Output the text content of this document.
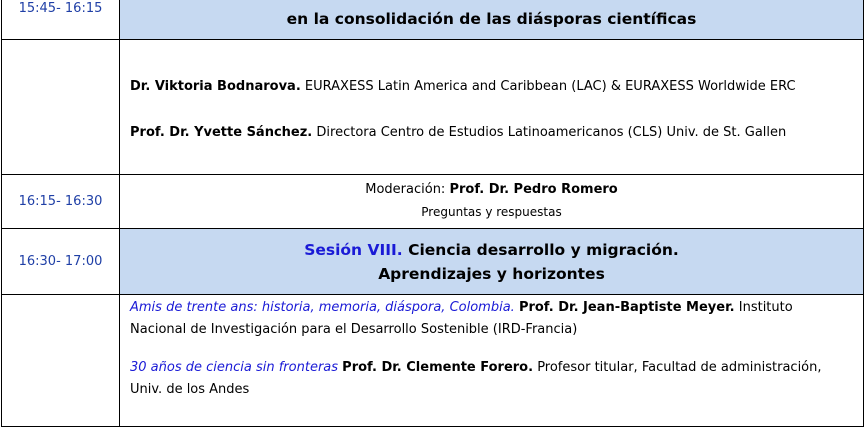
15:45- 16:15	en la consolidación de las diásporas científicas

	Dr. Viktoria Bodnarova. EURAXESS Latin America and Caribbean (LAC) & EURAXESS Worldwide ERC

Prof. Dr. Yvette Sánchez. Directora Centro de Estudios Latinoamericanos (CLS) Univ. de St. Gallen

16:15- 16:30	Moderación: Prof. Dr. Pedro Romero
Preguntas y respuestas

16:30- 17:00	Sesión VIII. Ciencia desarrollo y migración.
Aprendizajes y horizontes

	Amis de trente ans: historia, memoria, diáspora, Colombia. Prof. Dr. Jean-Baptiste Meyer. Instituto Nacional de Investigación para el Desarrollo Sostenible (IRD-Francia)

30 años de ciencia sin fronteras Prof. Dr. Clemente Forero. Profesor titular, Facultad de administración, Univ. de los Andes
